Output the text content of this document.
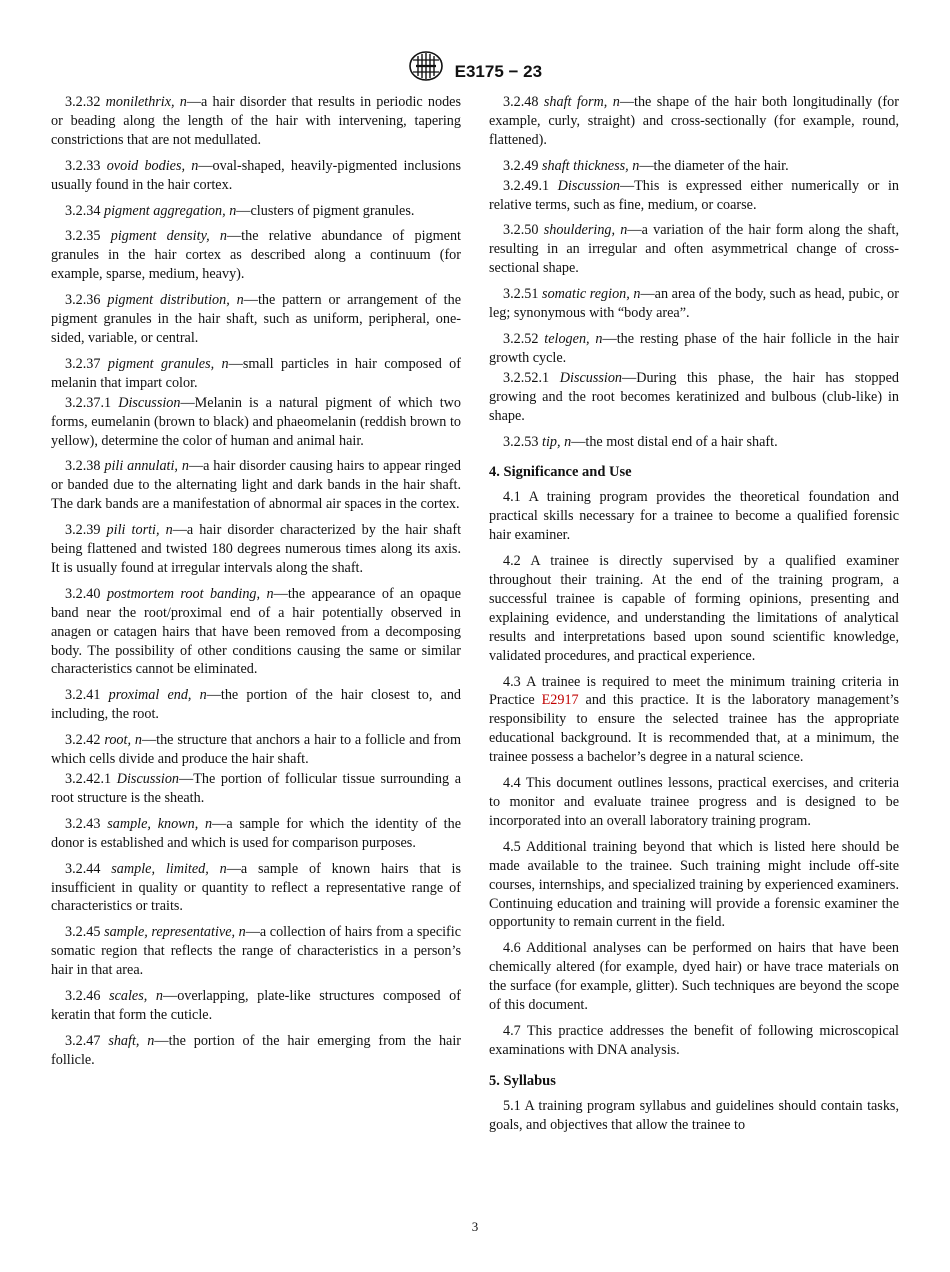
E3175 − 23

3.2.32 monilethrix, n—a hair disorder that results in periodic nodes or beading along the length of the hair with intervening, tapering constrictions that are not medullated.

3.2.33 ovoid bodies, n—oval-shaped, heavily-pigmented inclusions usually found in the hair cortex.

3.2.34 pigment aggregation, n—clusters of pigment granules.

3.2.35 pigment density, n—the relative abundance of pigment granules in the hair cortex as described along a continuum (for example, sparse, medium, heavy).

3.2.36 pigment distribution, n—the pattern or arrangement of the pigment granules in the hair shaft, such as uniform, peripheral, one-sided, variable, or central.

3.2.37 pigment granules, n—small particles in hair composed of melanin that impart color.

3.2.37.1 Discussion—Melanin is a natural pigment of which two forms, eumelanin (brown to black) and phaeomelanin (reddish brown to yellow), determine the color of human and animal hair.

3.2.38 pili annulati, n—a hair disorder causing hairs to appear ringed or banded due to the alternating light and dark bands in the hair shaft. The dark bands are a manifestation of abnormal air spaces in the cortex.

3.2.39 pili torti, n—a hair disorder characterized by the hair shaft being flattened and twisted 180 degrees numerous times along its axis. It is usually found at irregular intervals along the shaft.

3.2.40 postmortem root banding, n—the appearance of an opaque band near the root/proximal end of a hair potentially observed in anagen or catagen hairs that have been removed from a decomposing body. The possibility of other conditions causing the same or similar characteristics cannot be eliminated.

3.2.41 proximal end, n—the portion of the hair closest to, and including, the root.

3.2.42 root, n—the structure that anchors a hair to a follicle and from which cells divide and produce the hair shaft.

3.2.42.1 Discussion—The portion of follicular tissue surrounding a root structure is the sheath.

3.2.43 sample, known, n—a sample for which the identity of the donor is established and which is used for comparison purposes.

3.2.44 sample, limited, n—a sample of known hairs that is insufficient in quality or quantity to reflect a representative range of characteristics or traits.

3.2.45 sample, representative, n—a collection of hairs from a specific somatic region that reflects the range of characteristics in a person’s hair in that area.

3.2.46 scales, n—overlapping, plate-like structures composed of keratin that form the cuticle.

3.2.47 shaft, n—the portion of the hair emerging from the hair follicle.

3.2.48 shaft form, n—the shape of the hair both longitudinally (for example, curly, straight) and cross-sectionally (for example, round, flattened).

3.2.49 shaft thickness, n—the diameter of the hair.

3.2.49.1 Discussion—This is expressed either numerically or in relative terms, such as fine, medium, or coarse.

3.2.50 shouldering, n—a variation of the hair form along the shaft, resulting in an irregular and often asymmetrical change of cross-sectional shape.

3.2.51 somatic region, n—an area of the body, such as head, pubic, or leg; synonymous with “body area”.

3.2.52 telogen, n—the resting phase of the hair follicle in the hair growth cycle.

3.2.52.1 Discussion—During this phase, the hair has stopped growing and the root becomes keratinized and bulbous (club-like) in shape.

3.2.53 tip, n—the most distal end of a hair shaft.

4. Significance and Use

4.1 A training program provides the theoretical foundation and practical skills necessary for a trainee to become a qualified forensic hair examiner.

4.2 A trainee is directly supervised by a qualified examiner throughout their training. At the end of the training program, a successful trainee is capable of forming opinions, presenting and explaining evidence, and understanding the limitations of analytical results and interpretations based upon sound scientific knowledge, validated procedures, and practical experience.

4.3 A trainee is required to meet the minimum training criteria in Practice E2917 and this practice. It is the laboratory management’s responsibility to ensure the selected trainee has the appropriate educational background. It is recommended that, at a minimum, the trainee possess a bachelor’s degree in a natural science.

4.4 This document outlines lessons, practical exercises, and criteria to monitor and evaluate trainee progress and is designed to be incorporated into an overall laboratory training program.

4.5 Additional training beyond that which is listed here should be made available to the trainee. Such training might include off-site courses, internships, and specialized training by experienced examiners. Continuing education and training will provide a forensic examiner the opportunity to remain current in the field.

4.6 Additional analyses can be performed on hairs that have been chemically altered (for example, dyed hair) or have trace materials on the surface (for example, glitter). Such techniques are beyond the scope of this document.

4.7 This practice addresses the benefit of following microscopical examinations with DNA analysis.

5. Syllabus

5.1 A training program syllabus and guidelines should contain tasks, goals, and objectives that allow the trainee to

3
